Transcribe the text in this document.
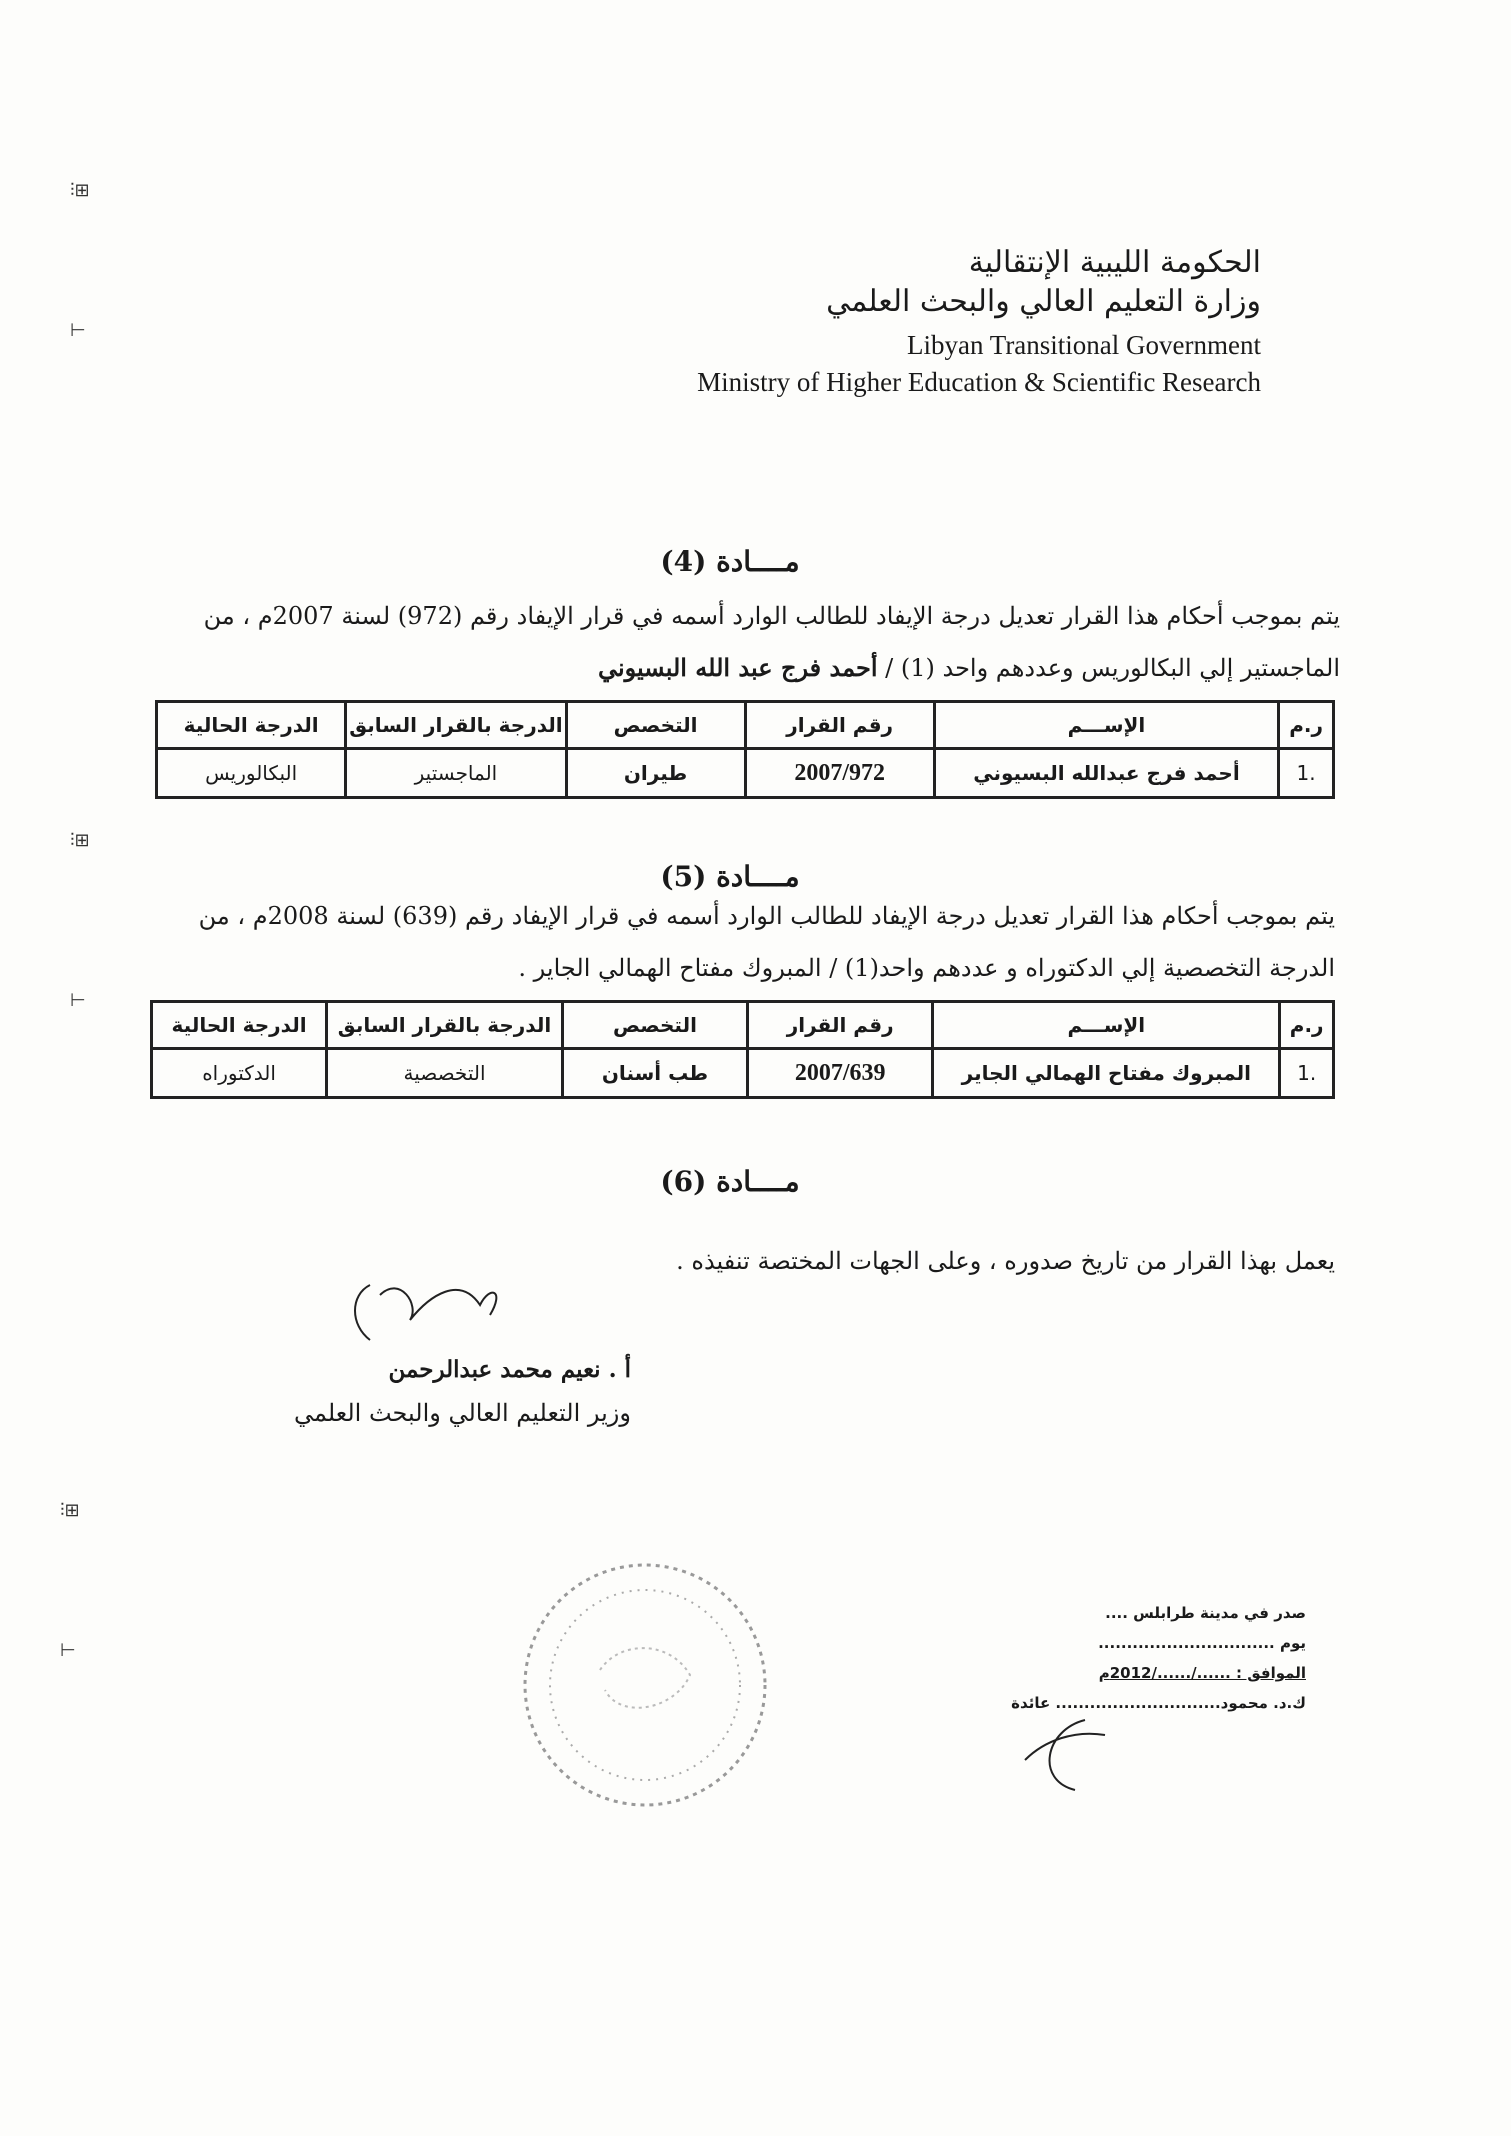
⫶⊞
⊢
⫶⊞
⊢
⫶⊞
⊢
الحكومة الليبية الإنتقالية
وزارة التعليم العالي والبحث العلمي
Libyan Transitional Government
Ministry of Higher Education & Scientific Research
مــــادة (4)
يتم بموجب أحكام هذا القرار تعديل درجة الإيفاد للطالب الوارد أسمه في قرار الإيفاد رقم (972) لسنة 2007م ، من الماجستير إلي البكالوريس وعددهم واحد (1) / أحمد فرج عبد الله البسيوني
ر.م	الإســـم	رقم القرار	التخصص	الدرجة بالقرار السابق	الدرجة الحالية
.1	أحمد فرج عبدالله البسيوني	2007/972	طيران	الماجستير	البكالوريس
مــــادة (5)
يتم بموجب أحكام هذا القرار تعديل درجة الإيفاد للطالب الوارد أسمه في قرار الإيفاد رقم (639) لسنة 2008م ، من الدرجة التخصصية إلي الدكتوراه و عددهم واحد(1) / المبروك مفتاح الهمالي الجاير .
ر.م	الإســـم	رقم القرار	التخصص	الدرجة بالقرار السابق	الدرجة الحالية
.1	المبروك مفتاح الهمالي الجاير	2007/639	طب أسنان	التخصصية	الدكتوراه
مــــادة (6)
يعمل بهذا القرار من تاريخ صدوره ، وعلى الجهات المختصة تنفيذه .
أ . نعيم محمد عبدالرحمن
وزير التعليم العالي والبحث العلمي
صدر في مدينة طرابلس ....
يوم ...............................
الموافق : ....../....../2012م
ك.د. محمود............................. عائدة
